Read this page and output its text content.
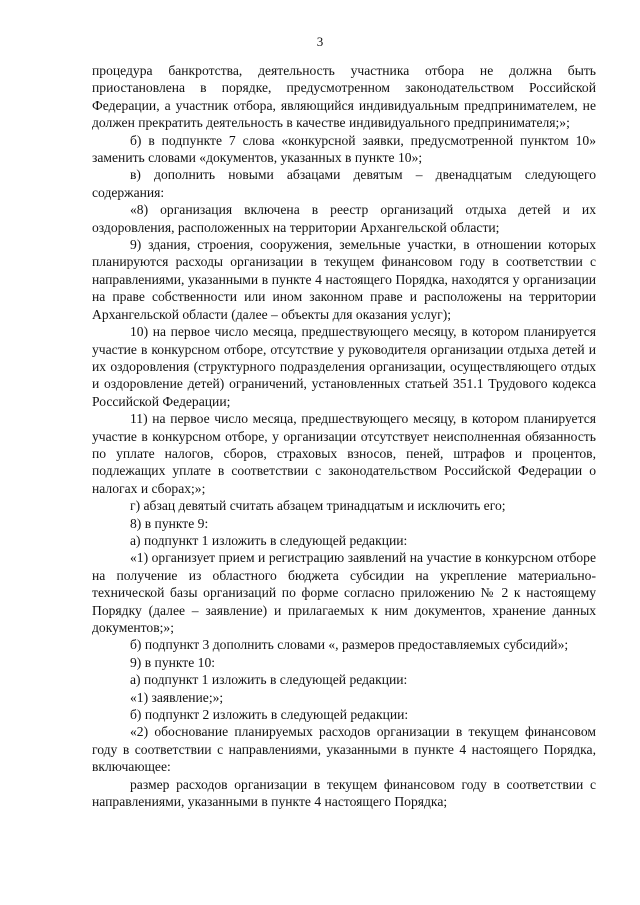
3

процедура банкротства, деятельность участника отбора не должна быть приостановлена в порядке, предусмотренном законодательством Российской Федерации, а участник отбора, являющийся индивидуальным предпринимателем, не должен прекратить деятельность в качестве индивидуального предпринимателя;»;

б) в подпункте 7 слова «конкурсной заявки, предусмотренной пунктом 10» заменить словами «документов, указанных в пункте 10»;

в) дополнить новыми абзацами девятым – двенадцатым следующего содержания:

«8) организация включена в реестр организаций отдыха детей и их оздоровления, расположенных на территории Архангельской области;

9) здания, строения, сооружения, земельные участки, в отношении которых планируются расходы организации в текущем финансовом году в соответствии с направлениями, указанными в пункте 4 настоящего Порядка, находятся у организации на праве собственности или ином законном праве и расположены на территории Архангельской области (далее – объекты для оказания услуг);

10) на первое число месяца, предшествующего месяцу, в котором планируется участие в конкурсном отборе, отсутствие у руководителя организации отдыха детей и их оздоровления (структурного подразделения организации, осуществляющего отдых и оздоровление детей) ограничений, установленных статьей 351.1 Трудового кодекса Российской Федерации;

11) на первое число месяца, предшествующего месяцу, в котором планируется участие в конкурсном отборе, у организации отсутствует неисполненная обязанность по уплате налогов, сборов, страховых взносов, пеней, штрафов и процентов, подлежащих уплате в соответствии с законодательством Российской Федерации о налогах и сборах;»;

г) абзац девятый считать абзацем тринадцатым и исключить его;

8) в пункте 9:

а) подпункт 1 изложить в следующей редакции:

«1) организует прием и регистрацию заявлений на участие в конкурсном отборе на получение из областного бюджета субсидии на укрепление материально-технической базы организаций по форме согласно приложению № 2 к настоящему Порядку (далее – заявление) и прилагаемых к ним документов, хранение данных документов;»;

б) подпункт 3 дополнить словами «, размеров предоставляемых субсидий»;

9) в пункте 10:

а) подпункт 1 изложить в следующей редакции:

«1) заявление;»;

б) подпункт 2 изложить в следующей редакции:

«2) обоснование планируемых расходов организации в текущем финансовом году в соответствии с направлениями, указанными в пункте 4 настоящего Порядка, включающее:

размер расходов организации в текущем финансовом году в соответствии с направлениями, указанными в пункте 4 настоящего Порядка;
